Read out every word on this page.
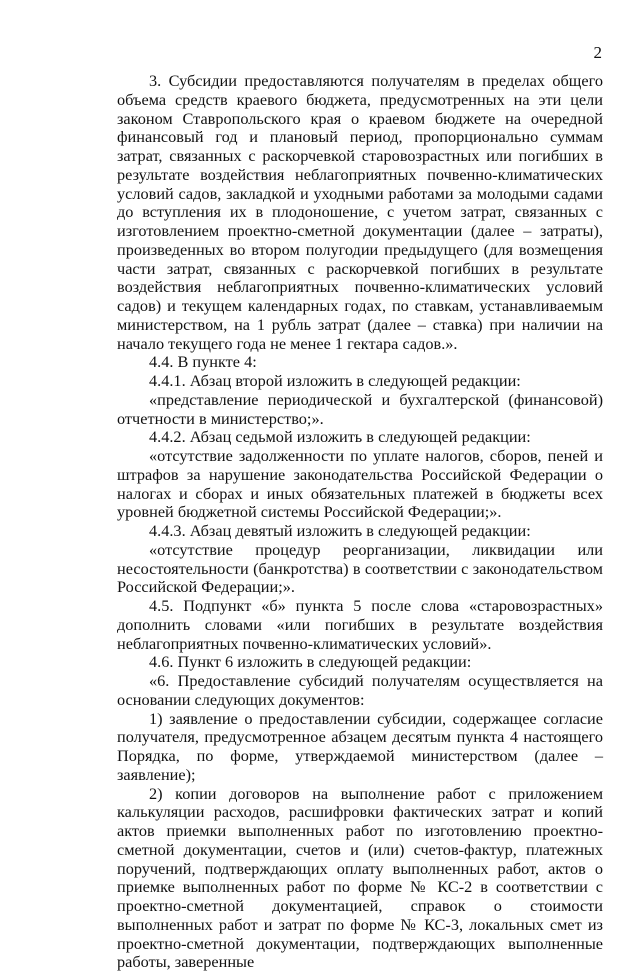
2

3. Субсидии предоставляются получателям в пределах общего объема средств краевого бюджета, предусмотренных на эти цели законом Ставропольского края о краевом бюджете на очередной финансовый год и плановый период, пропорционально суммам затрат, связанных с раскорчевкой старовозрастных или погибших в результате воздействия неблагоприятных почвенно-климатических условий садов, закладкой и уходными работами за молодыми садами до вступления их в плодоношение, с учетом затрат, связанных с изготовлением проектно-сметной документации (далее – затраты), произведенных во втором полугодии предыдущего (для возмещения части затрат, связанных с раскорчевкой погибших в результате воздействия неблагоприятных почвенно-климатических условий садов) и текущем календарных годах, по ставкам, устанавливаемым министерством, на 1 рубль затрат (далее – ставка) при наличии на начало текущего года не менее 1 гектара садов.».

4.4. В пункте 4:

4.4.1. Абзац второй изложить в следующей редакции:

«представление периодической и бухгалтерской (финансовой) отчетности в министерство;».

4.4.2. Абзац седьмой изложить в следующей редакции:

«отсутствие задолженности по уплате налогов, сборов, пеней и штрафов за нарушение законодательства Российской Федерации о налогах и сборах и иных обязательных платежей в бюджеты всех уровней бюджетной системы Российской Федерации;».

4.4.3. Абзац девятый изложить в следующей редакции:

«отсутствие процедур реорганизации, ликвидации или несостоятельности (банкротства) в соответствии с законодательством Российской Федерации;».

4.5. Подпункт «б» пункта 5 после слова «старовозрастных» дополнить словами «или погибших в результате воздействия неблагоприятных почвенно-климатических условий».

4.6. Пункт 6 изложить в следующей редакции:

«6. Предоставление субсидий получателям осуществляется на основании следующих документов:

1) заявление о предоставлении субсидии, содержащее согласие получателя, предусмотренное абзацем десятым пункта 4 настоящего Порядка, по форме, утверждаемой министерством (далее – заявление);

2) копии договоров на выполнение работ с приложением калькуляции расходов, расшифровки фактических затрат и копий актов приемки выполненных работ по изготовлению проектно-сметной документации, счетов и (или) счетов-фактур, платежных поручений, подтверждающих оплату выполненных работ, актов о приемке выполненных работ по форме № КС-2 в соответствии с проектно-сметной документацией, справок о стоимости выполненных работ и затрат по форме № КС-3, локальных смет из проектно-сметной документации, подтверждающих выполненные работы, заверенные
